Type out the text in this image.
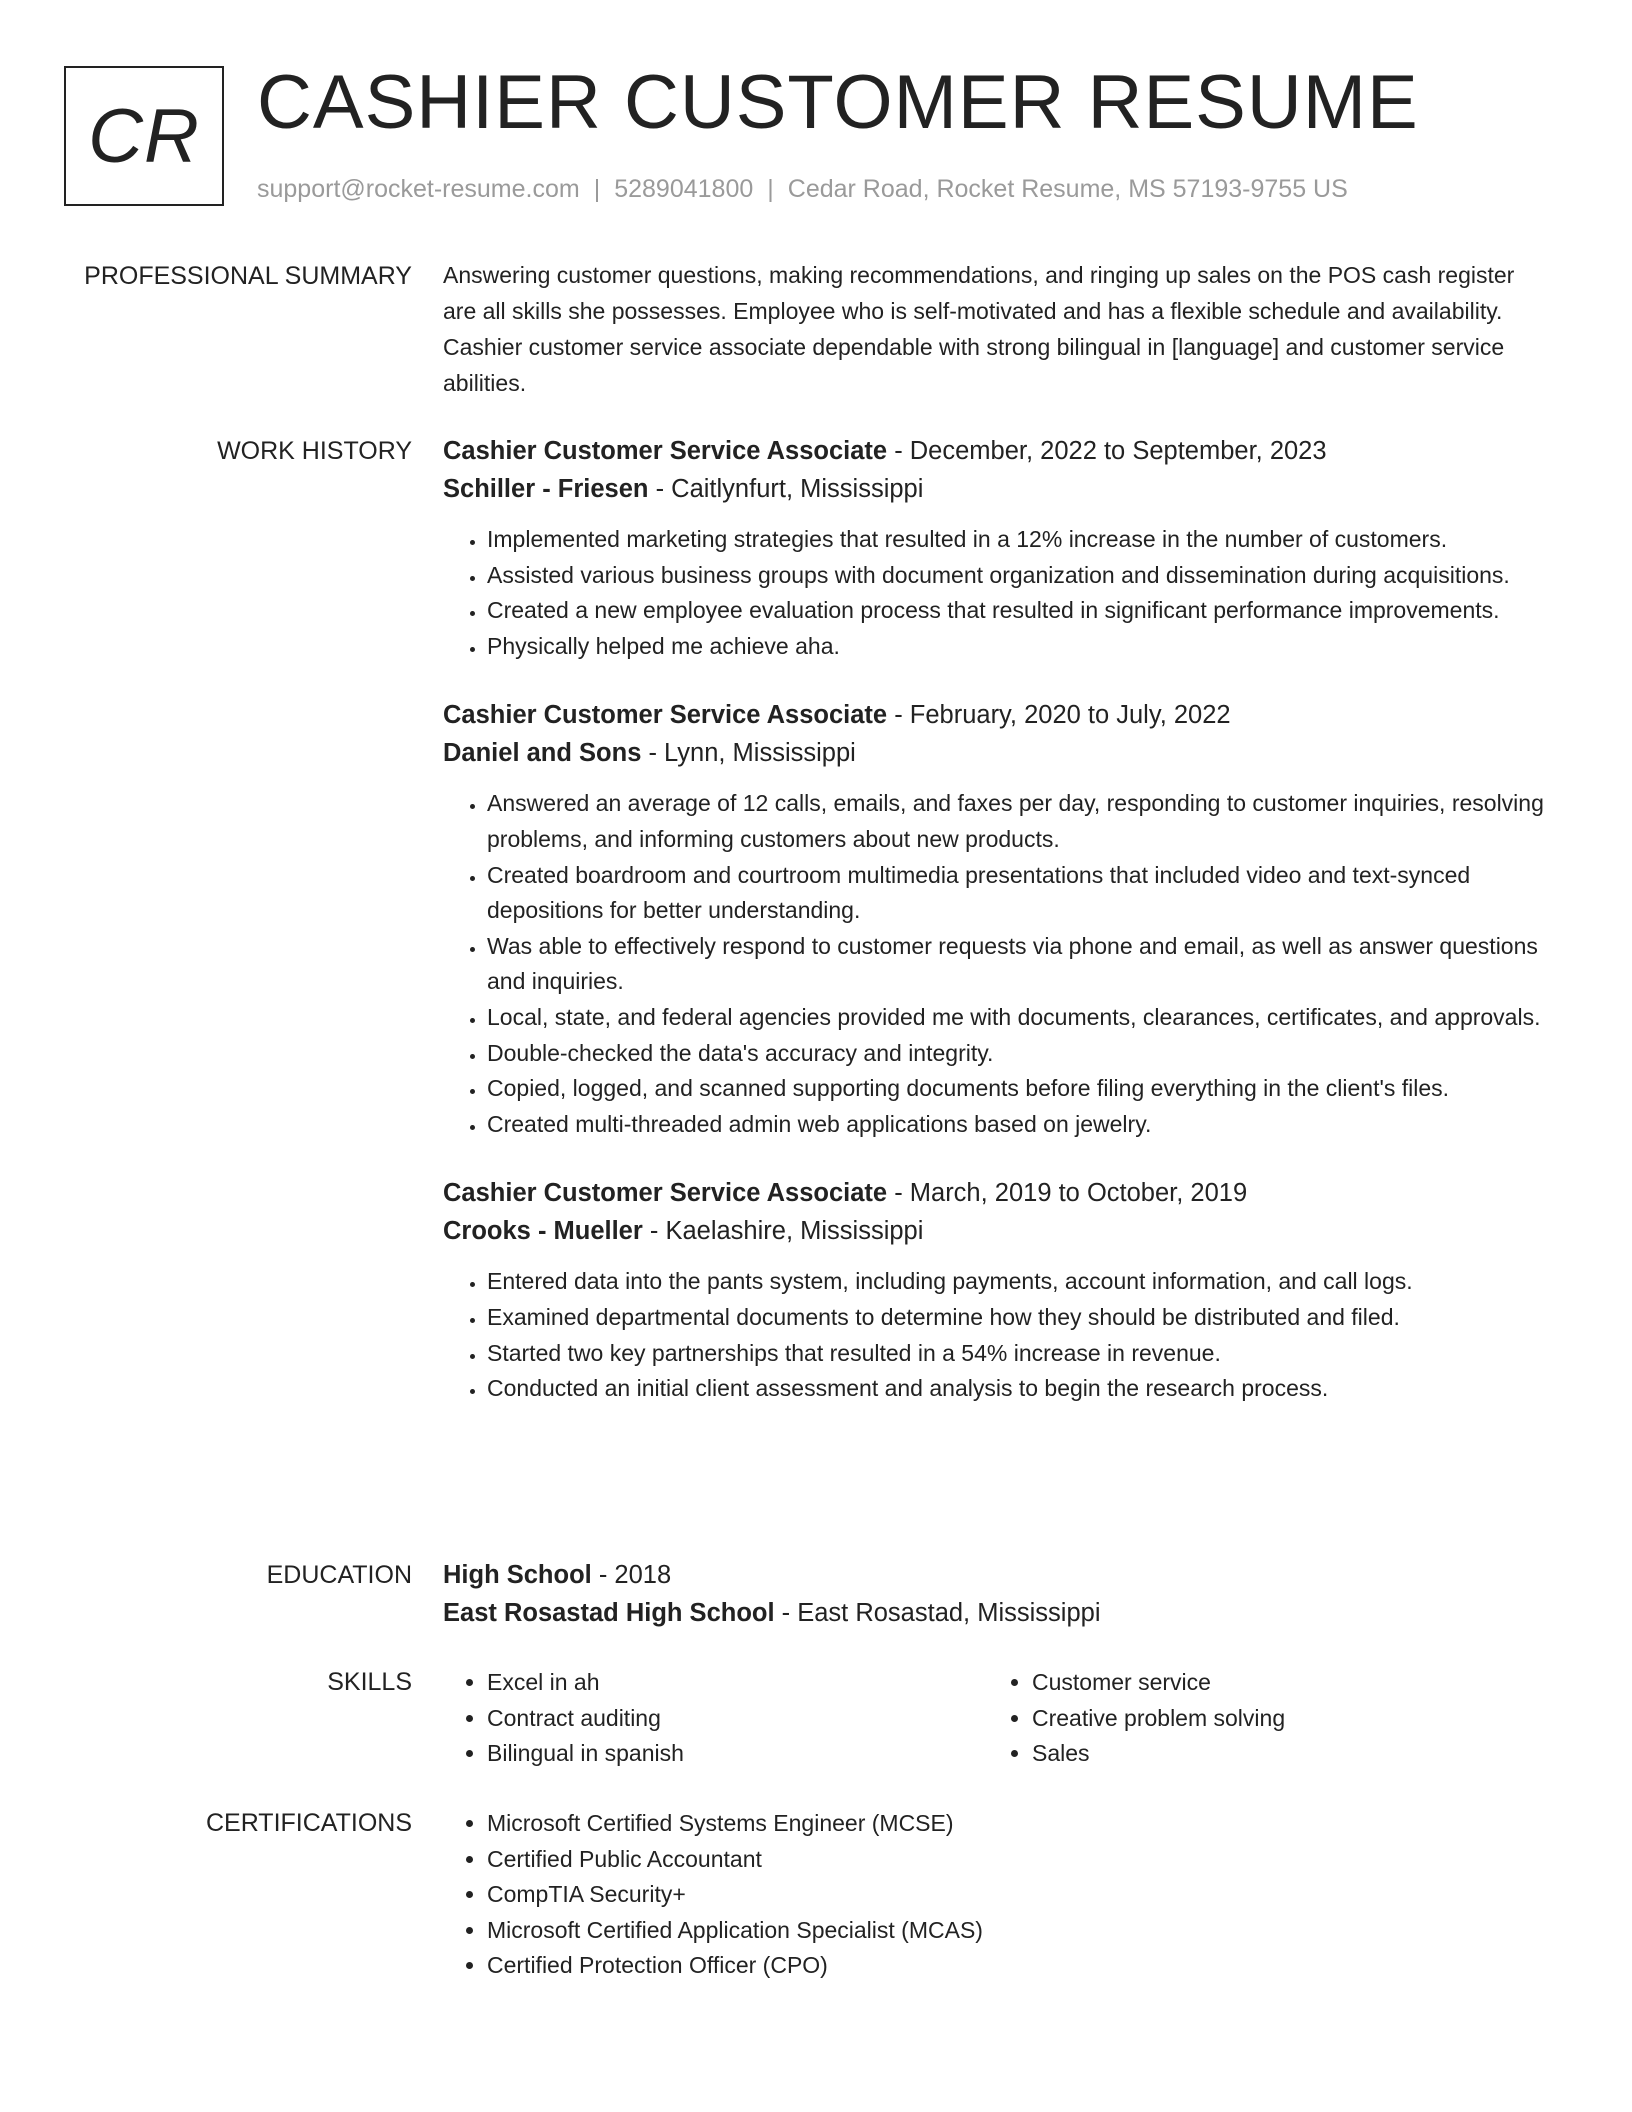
CR CASHIER CUSTOMER RESUME
support@rocket-resume.com | 5289041800 | Cedar Road, Rocket Resume, MS 57193-9755 US
PROFESSIONAL SUMMARY Answering customer questions, making recommendations, and ringing up sales on the POS cash register are all skills she possesses. Employee who is self-motivated and has a flexible schedule and availability. Cashier customer service associate dependable with strong bilingual in [language] and customer service abilities.
WORK HISTORY Cashier Customer Service Associate - December, 2022 to September, 2023
Schiller - Friesen - Caitlynfurt, Mississippi
• Implemented marketing strategies that resulted in a 12% increase in the number of customers.
• Assisted various business groups with document organization and dissemination during acquisitions.
• Created a new employee evaluation process that resulted in significant performance improvements.
• Physically helped me achieve aha.
Cashier Customer Service Associate - February, 2020 to July, 2022
Daniel and Sons - Lynn, Mississippi
• Answered an average of 12 calls, emails, and faxes per day, responding to customer inquiries, resolving problems, and informing customers about new products.
• Created boardroom and courtroom multimedia presentations that included video and text-synced depositions for better understanding.
• Was able to effectively respond to customer requests via phone and email, as well as answer questions and inquiries.
• Local, state, and federal agencies provided me with documents, clearances, certificates, and approvals.
• Double-checked the data's accuracy and integrity.
• Copied, logged, and scanned supporting documents before filing everything in the client's files.
• Created multi-threaded admin web applications based on jewelry.
Cashier Customer Service Associate - March, 2019 to October, 2019
Crooks - Mueller - Kaelashire, Mississippi
• Entered data into the pants system, including payments, account information, and call logs.
• Examined departmental documents to determine how they should be distributed and filed.
• Started two key partnerships that resulted in a 54% increase in revenue.
• Conducted an initial client assessment and analysis to begin the research process.
EDUCATION High School - 2018
East Rosastad High School - East Rosastad, Mississippi
SKILLS	• Excel in ah
• Contract auditing
• Bilingual in spanish
• Customer service
• Creative problem solving
• Sales
CERTIFICATIONS	• Microsoft Certified Systems Engineer (MCSE)
• Certified Public Accountant
• CompTIA Security+
• Microsoft Certified Application Specialist (MCAS)
• Certified Protection Officer (CPO)
